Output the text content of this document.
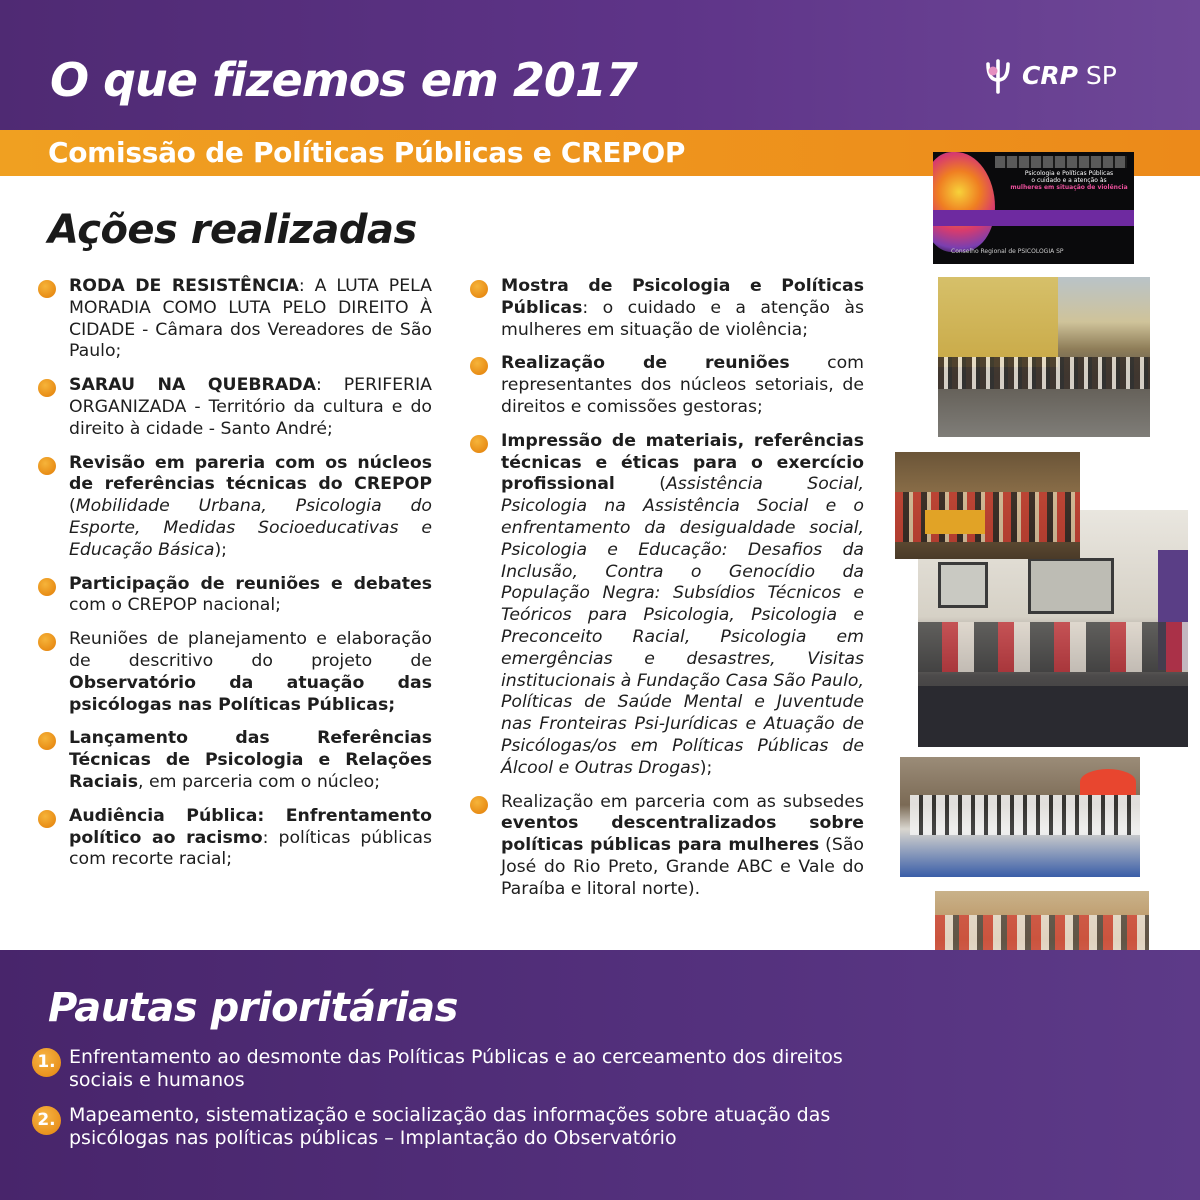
O que fizemos em 2017	CRP SP
Comissão de Políticas Públicas e CREPOP
Ações realizadas
RODA DE RESISTÊNCIA: A LUTA PELA MORADIA COMO LUTA PELO DIREITO À CIDADE - Câmara dos Vereadores de São Paulo;
SARAU NA QUEBRADA: PERIFERIA ORGANIZADA - Território da cultura e do direito à cidade - Santo André;
Revisão em pareria com os núcleos de referências técnicas do CREPOP (Mobilidade Urbana, Psicologia do Esporte, Medidas Socioeducativas e Educação Básica);
Participação de reuniões e debates com o CREPOP nacional;
Reuniões de planejamento e elaboração de descritivo do projeto de Observatório da atuação das psicólogas nas Políticas Públicas;
Lançamento das Referências Técnicas de Psicologia e Relações Raciais, em parceria com o núcleo;
Audiência Pública: Enfrentamento político ao racismo: políticas públicas com recorte racial;
Mostra de Psicologia e Políticas Públicas: o cuidado e a atenção às mulheres em situação de violência;
Realização de reuniões com representantes dos núcleos setoriais, de direitos e comissões gestoras;
Impressão de materiais, referências técnicas e éticas para o exercício profissional (Assistência Social, Psicologia na Assistência Social e o enfrentamento da desigualdade social, Psicologia e Educação: Desafios da Inclusão, Contra o Genocídio da População Negra: Subsídios Técnicos e Teóricos para Psicologia, Psicologia e Preconceito Racial, Psicologia em emergências e desastres, Visitas institucionais à Fundação Casa São Paulo, Políticas de Saúde Mental e Juventude nas Fronteiras Psi-Jurídicas e Atuação de Psicólogas/os em Políticas Públicas de Álcool e Outras Drogas);
Realização em parceria com as subsedes eventos descentralizados sobre políticas públicas para mulheres (São José do Rio Preto, Grande ABC e Vale do Paraíba e litoral norte).
Psicologia e Políticas Públicas
o cuidado e a atenção às
mulheres em situação de violência
Conselho Regional de PSICOLOGIA SP
Pautas prioritárias
1. Enfrentamento ao desmonte das Políticas Públicas e ao cerceamento dos direitos sociais e humanos
2. Mapeamento, sistematização e socialização das informações sobre atuação das psicólogas nas políticas públicas – Implantação do Observatório
